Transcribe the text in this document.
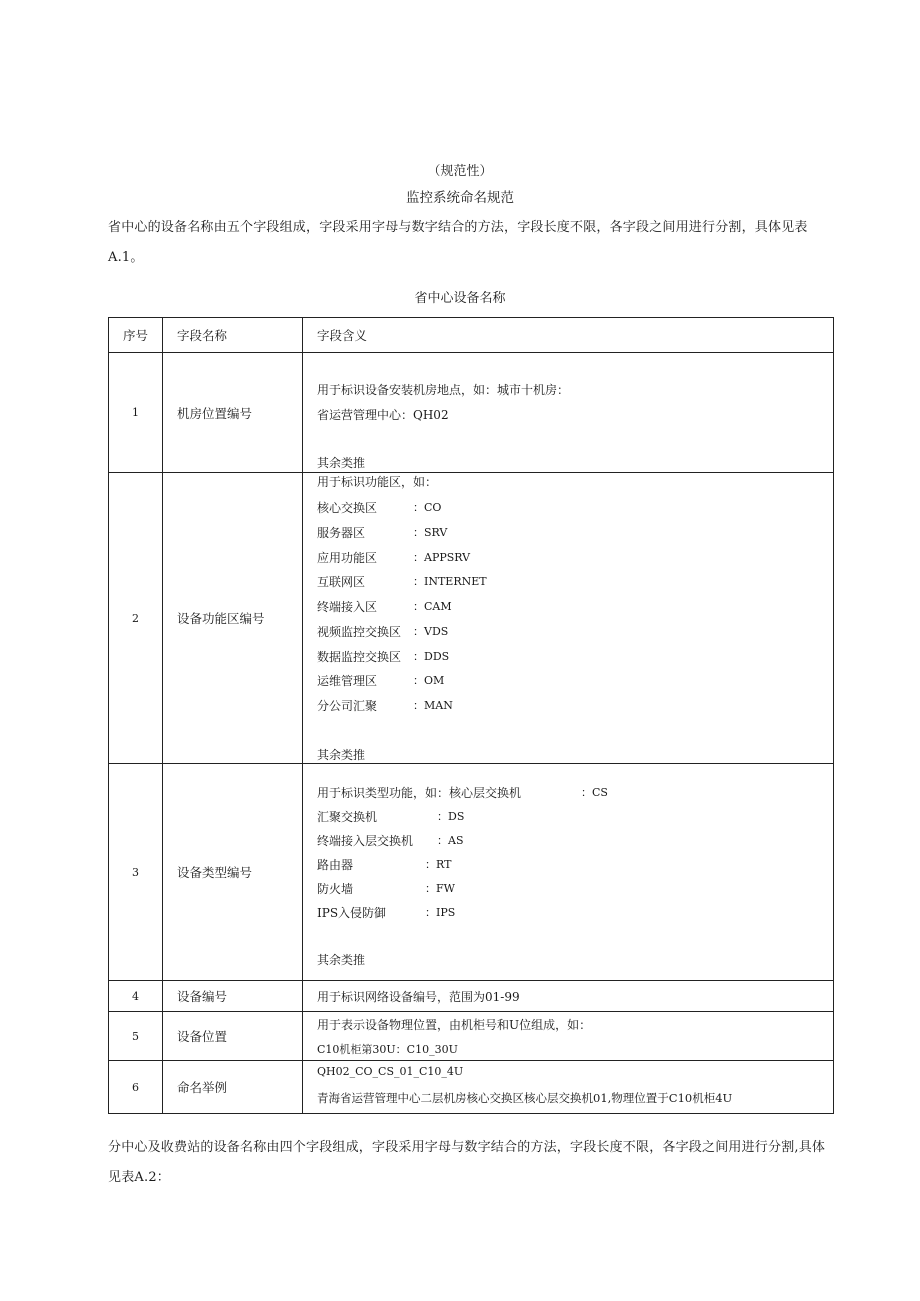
（规范性）
监控系统命名规范
省中心的设备名称由五个字段组成，字段采用字母与数字结合的方法，字段长度不限，各字段之间用进行分割，具体见表A.1。
省中心设备名称
序号	字段名称	字段含义
1	机房位置编号
用于标识设备安装机房地点，如：城市十机房：
省运营管理中心：QH02
其余类推
2	设备功能区编号
用于标识功能区，如：
核心交换区	：CO
服务器区	：SRV
应用功能区	：APPSRV
互联网区	：INTERNET
终端接入区	：CAM
视频监控交换区	：VDS
数据监控交换区	：DDS
运维管理区	：OM
分公司汇聚	：MAN
其余类推
3	设备类型编号
用于标识类型功能，如：核心层交换机	：CS
汇聚交换机	：DS
终端接入层交换机	：AS
路由器	：RT
防火墙	：FW
IPS入侵防御	：IPS
其余类推
4	设备编号	用于标识网络设备编号，范围为01-99
5	设备位置
用于表示设备物理位置，由机柜号和U位组成，如：
C10机柜第30U：C10_30U
6	命名举例
QH02_CO_CS_01_C10_4U
青海省运营管理中心二层机房核心交换区核心层交换机01,物理位置于C10机柜4U
分中心及收费站的设备名称由四个字段组成，字段采用字母与数字结合的方法，字段长度不限，各字段之间用进行分割,具体见表A.2：
